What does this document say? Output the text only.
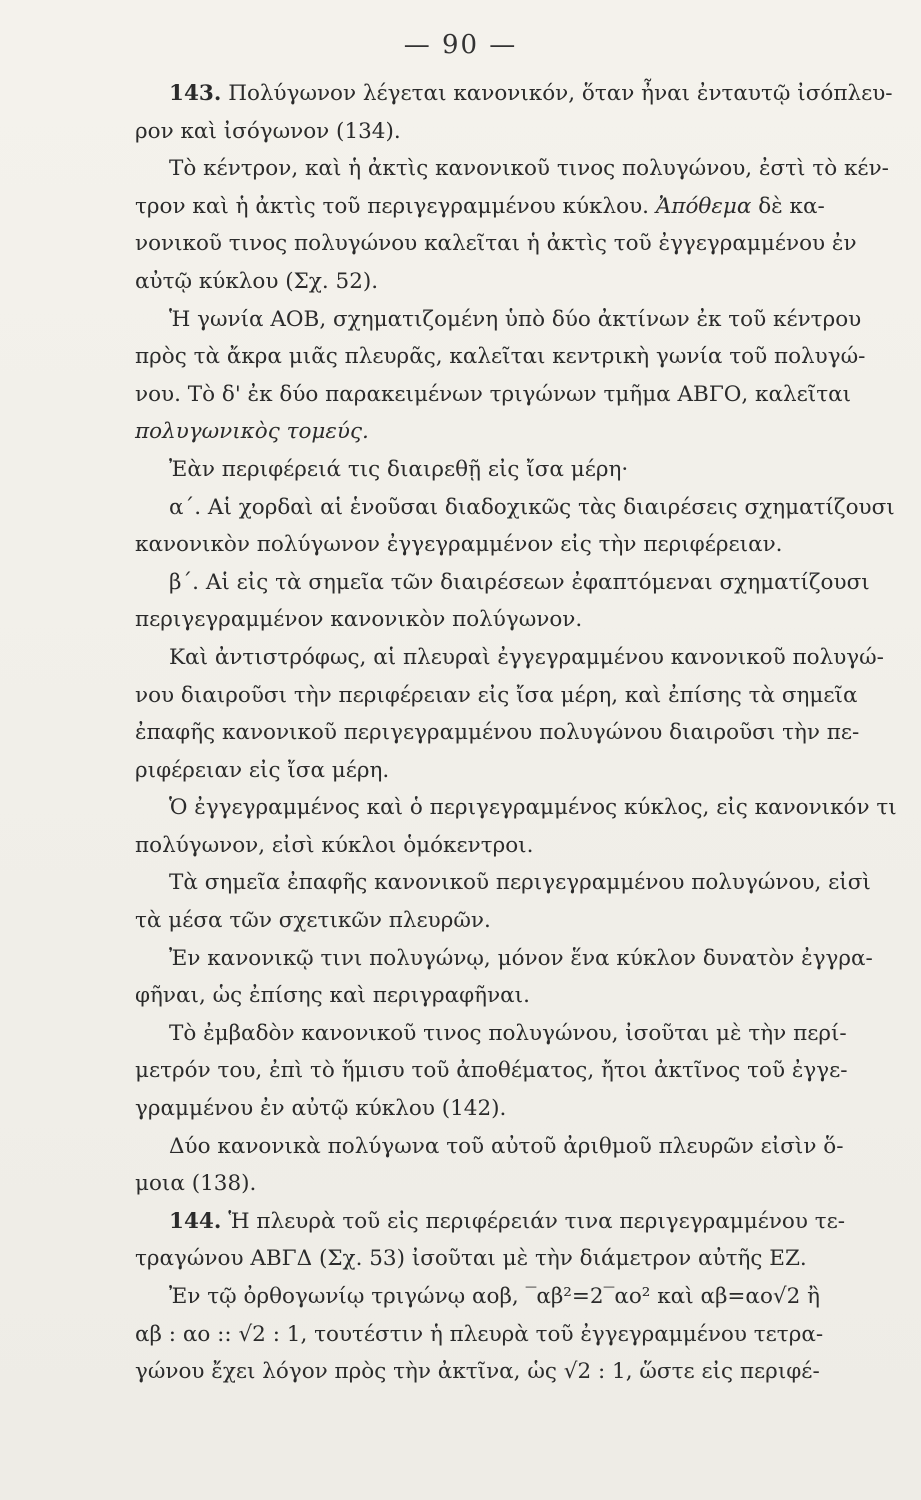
— 90 —
143. Πολύγωνον λέγεται κανονικόν, ὅταν ἦναι ἐνταυτῷ ἰσόπλευ-
ρον καὶ ἰσόγωνον (134).
Τὸ κέντρον, καὶ ἡ ἀκτὶς κανονικοῦ τινος πολυγώνου, ἐστὶ τὸ κέν-
τρον καὶ ἡ ἀκτὶς τοῦ περιγεγραμμένου κύκλου. Ἀπόθεμα δὲ κα-
νονικοῦ τινος πολυγώνου καλεῖται ἡ ἀκτὶς τοῦ ἐγγεγραμμένου ἐν
αὐτῷ κύκλου (Σχ. 52).
Ἡ γωνία ΑΟΒ, σχηματιζομένη ὑπὸ δύο ἀκτίνων ἐκ τοῦ κέντρου
πρὸς τὰ ἄκρα μιᾶς πλευρᾶς, καλεῖται κεντρικὴ γωνία τοῦ πολυγώ-
νου. Τὸ δ' ἐκ δύο παρακειμένων τριγώνων τμῆμα ΑΒΓΟ, καλεῖται
πολυγωνικὸς τομεύς.
Ἐὰν περιφέρειά τις διαιρεθῇ εἰς ἴσα μέρη·
α΄. Αἱ χορδαὶ αἱ ἑνοῦσαι διαδοχικῶς τὰς διαιρέσεις σχηματίζουσι
κανονικὸν πολύγωνον ἐγγεγραμμένον εἰς τὴν περιφέρειαν.
β΄. Αἱ εἰς τὰ σημεῖα τῶν διαιρέσεων ἐφαπτόμεναι σχηματίζουσι
περιγεγραμμένον κανονικὸν πολύγωνον.
Καὶ ἀντιστρόφως, αἱ πλευραὶ ἐγγεγραμμένου κανονικοῦ πολυγώ-
νου διαιροῦσι τὴν περιφέρειαν εἰς ἴσα μέρη, καὶ ἐπίσης τὰ σημεῖα
ἐπαφῆς κανονικοῦ περιγεγραμμένου πολυγώνου διαιροῦσι τὴν πε-
ριφέρειαν εἰς ἴσα μέρη.
Ὁ ἐγγεγραμμένος καὶ ὁ περιγεγραμμένος κύκλος, εἰς κανονικόν τι
πολύγωνον, εἰσὶ κύκλοι ὁμόκεντροι.
Τὰ σημεῖα ἐπαφῆς κανονικοῦ περιγεγραμμένου πολυγώνου, εἰσὶ
τὰ μέσα τῶν σχετικῶν πλευρῶν.
Ἐν κανονικῷ τινι πολυγώνῳ, μόνον ἕνα κύκλον δυνατὸν ἐγγρα-
φῆναι, ὡς ἐπίσης καὶ περιγραφῆναι.
Τὸ ἐμβαδὸν κανονικοῦ τινος πολυγώνου, ἰσοῦται μὲ τὴν περί-
μετρόν του, ἐπὶ τὸ ἥμισυ τοῦ ἀποθέματος, ἤτοι ἀκτῖνος τοῦ ἐγγε-
γραμμένου ἐν αὐτῷ κύκλου (142).
Δύο κανονικὰ πολύγωνα τοῦ αὐτοῦ ἀριθμοῦ πλευρῶν εἰσὶν ὅ-
μοια (138).
144. Ἡ πλευρὰ τοῦ εἰς περιφέρειάν τινα περιγεγραμμένου τε-
τραγώνου ΑΒΓΔ (Σχ. 53) ἰσοῦται μὲ τὴν διάμετρον αὐτῆς ΕΖ.
Ἐν τῷ ὀρθογωνίῳ τριγώνῳ αοβ, ‾αβ²=2‾αο² καὶ αβ=αο√2 ἢ
αβ : αο :: √2 : 1, τουτέστιν ἡ πλευρὰ τοῦ ἐγγεγραμμένου τετρα-
γώνου ἔχει λόγον πρὸς τὴν ἀκτῖνα, ὡς √2 : 1, ὥστε εἰς περιφέ-
